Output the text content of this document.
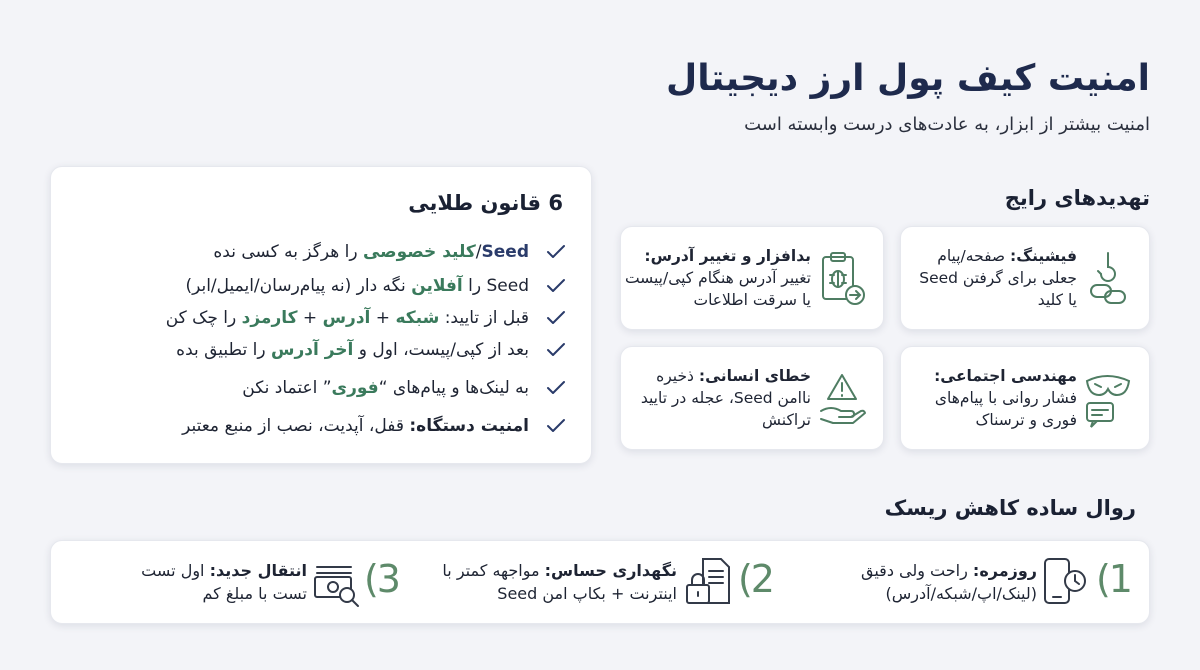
امنیت کیف پول ارز دیجیتال
امنیت بیشتر از ابزار، به عادت‌های درست وابسته است
6 قانون طلایی
Seed/کلید خصوصی را هرگز به کسی نده
Seed را آفلاین نگه دار (نه پیام‌رسان/ایمیل/ابر)
قبل از تایید: شبکه + آدرس + کارمزد را چک کن
بعد از کپی/پیست، اول و آخر آدرس را تطبیق بده
به لینک‌ها و پیام‌های “فوری” اعتماد نکن
امنیت دستگاه: قفل، آپدیت، نصب از منبع معتبر
تهدیدهای رایج
فیشینگ: صفحه/پیام جعلی برای گرفتن Seed یا کلید
بدافزار و تغییر آدرس: تغییر آدرس هنگام کپی/پیست یا سرقت اطلاعات
مهندسی اجتماعی: فشار روانی با پیام‌های فوری و ترسناک
خطای انسانی: ذخیره ناامن Seed، عجله در تایید تراکنش
روال ساده کاهش ریسک
(1
روزمره: راحت ولی دقیق
(لینک/اپ/شبکه/آدرس)
(2
نگهداری حساس: مواجهه کمتر با
اینترنت + بکاپ امن Seed
(3
انتقال جدید: اول تست
تست با مبلغ کم
